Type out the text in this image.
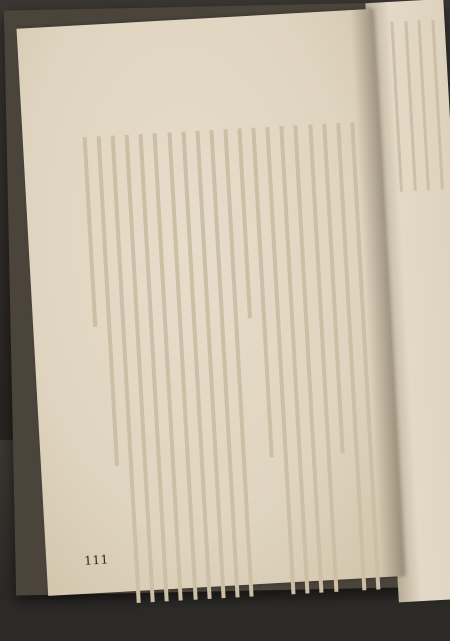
111
